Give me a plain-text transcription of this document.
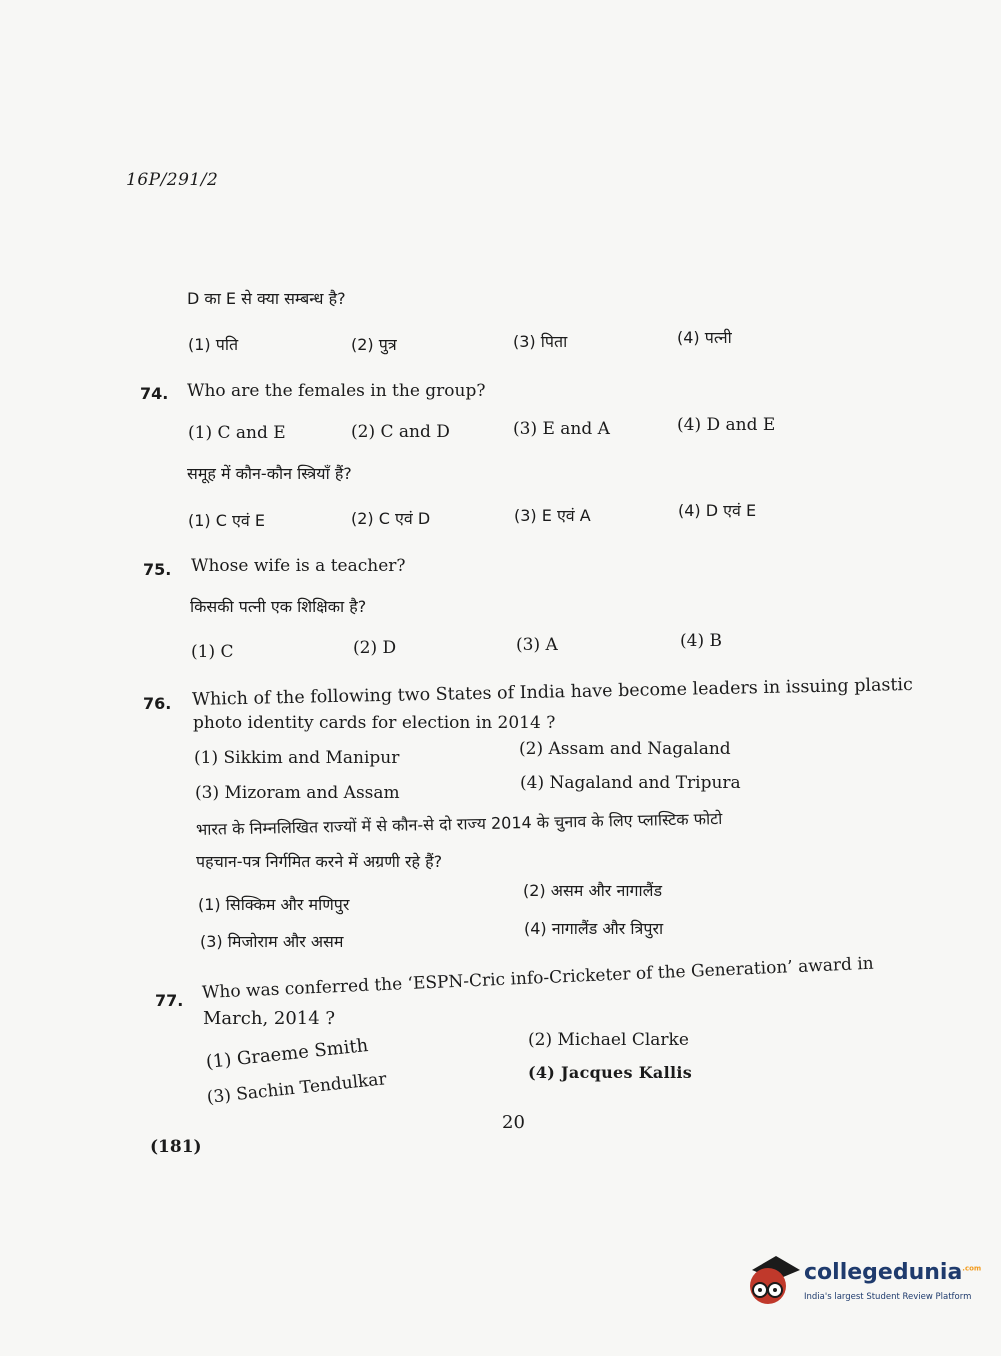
16P/291/2
D का E से क्या सम्बन्ध है?
(1) पति	(2) पुत्र	(3) पिता	(4) पत्नी
74. Who are the females in the group?
(1) C and E	(2) C and D	(3) E and A	(4) D and E
समूह में कौन-कौन स्त्रियाँ हैं?
(1) C एवं E	(2) C एवं D	(3) E एवं A	(4) D एवं E
75. Whose wife is a teacher?
किसकी पत्नी एक शिक्षिका है?
(1) C	(2) D	(3) A	(4) B
76. Which of the following two States of India have become leaders in issuing plastic
photo identity cards for election in 2014 ?
(1) Sikkim and Manipur	(2) Assam and Nagaland
(3) Mizoram and Assam	(4) Nagaland and Tripura
भारत के निम्नलिखित राज्यों में से कौन-से दो राज्य 2014 के चुनाव के लिए प्लास्टिक फोटो
पहचान-पत्र निर्गमित करने में अग्रणी रहे हैं?
(1) सिक्किम और मणिपुर
(2) असम और नागालैंड
(3) मिजोराम और असम
(4) नागालैंड और त्रिपुरा
77. Who was conferred the ‘ESPN-Cric info-Cricketer of the Generation’ award in
March, 2014 ?
(1) Graeme Smith	(2) Michael Clarke
(3) Sachin Tendulkar	(4) Jacques Kallis
20
(181)
collegedunia$^{.com}$
India's largest Student Review Platform
